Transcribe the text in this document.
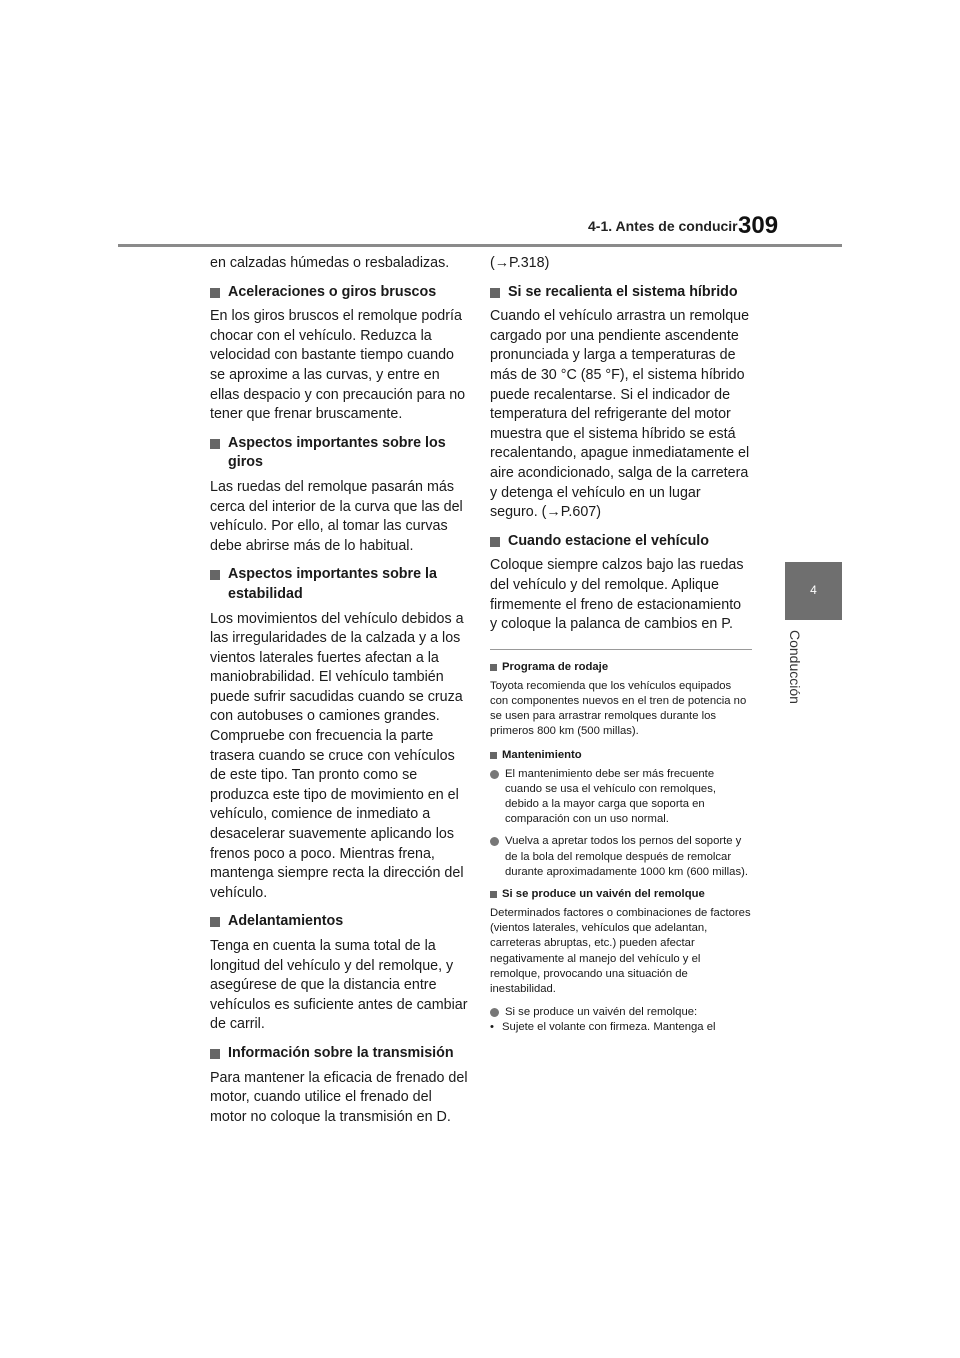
4-1. Antes de conducir 309
4
Conducción

en calzadas húmedas o resbaladizas.

Aceleraciones o giros bruscos

En los giros bruscos el remolque podría chocar con el vehículo. Reduzca la velocidad con bastante tiempo cuando se aproxime a las curvas, y entre en ellas despacio y con precaución para no tener que frenar bruscamente.

Aspectos importantes sobre los giros

Las ruedas del remolque pasarán más cerca del interior de la curva que las del vehículo. Por ello, al tomar las curvas debe abrirse más de lo habitual.

Aspectos importantes sobre la estabilidad

Los movimientos del vehículo debidos a las irregularidades de la calzada y a los vientos laterales fuertes afectan a la maniobrabilidad. El vehículo también puede sufrir sacudidas cuando se cruza con autobuses o camiones grandes. Compruebe con frecuencia la parte trasera cuando se cruce con vehículos de este tipo. Tan pronto como se produzca este tipo de movimiento en el vehículo, comience de inmediato a desacelerar suavemente aplicando los frenos poco a poco. Mientras frena, mantenga siempre recta la dirección del vehículo.

Adelantamientos

Tenga en cuenta la suma total de la longitud del vehículo y del remolque, y asegúrese de que la distancia entre vehículos es suficiente antes de cambiar de carril.

Información sobre la transmisión

Para mantener la eficacia de frenado del motor, cuando utilice el frenado del motor no coloque la transmisión en D.

(→P.318)

Si se recalienta el sistema híbrido

Cuando el vehículo arrastra un remolque cargado por una pendiente ascendente pronunciada y larga a temperaturas de más de 30 °C (85 °F), el sistema híbrido puede recalentarse. Si el indicador de temperatura del refrigerante del motor muestra que el sistema híbrido se está recalentando, apague inmediatamente el aire acondicionado, salga de la carretera y detenga el vehículo en un lugar seguro. (→P.607)

Cuando estacione el vehículo

Coloque siempre calzos bajo las ruedas del vehículo y del remolque. Aplique firmemente el freno de estacionamiento y coloque la palanca de cambios en P.

Programa de rodaje

Toyota recomienda que los vehículos equipados con componentes nuevos en el tren de potencia no se usen para arrastrar remolques durante los primeros 800 km (500 millas).

Mantenimiento
El mantenimiento debe ser más frecuente cuando se usa el vehículo con remolques, debido a la mayor carga que soporta en comparación con un uso normal.
Vuelva a apretar todos los pernos del soporte y de la bola del remolque después de remolcar durante aproximadamente 1000 km (600 millas).
Si se produce un vaivén del remolque

Determinados factores o combinaciones de factores (vientos laterales, vehículos que adelantan, carreteras abruptas, etc.) pueden afectar negativamente al manejo del vehículo y el remolque, provocando una situación de inestabilidad.

Si se produce un vaivén del remolque:
• Sujete el volante con firmeza. Mantenga el
